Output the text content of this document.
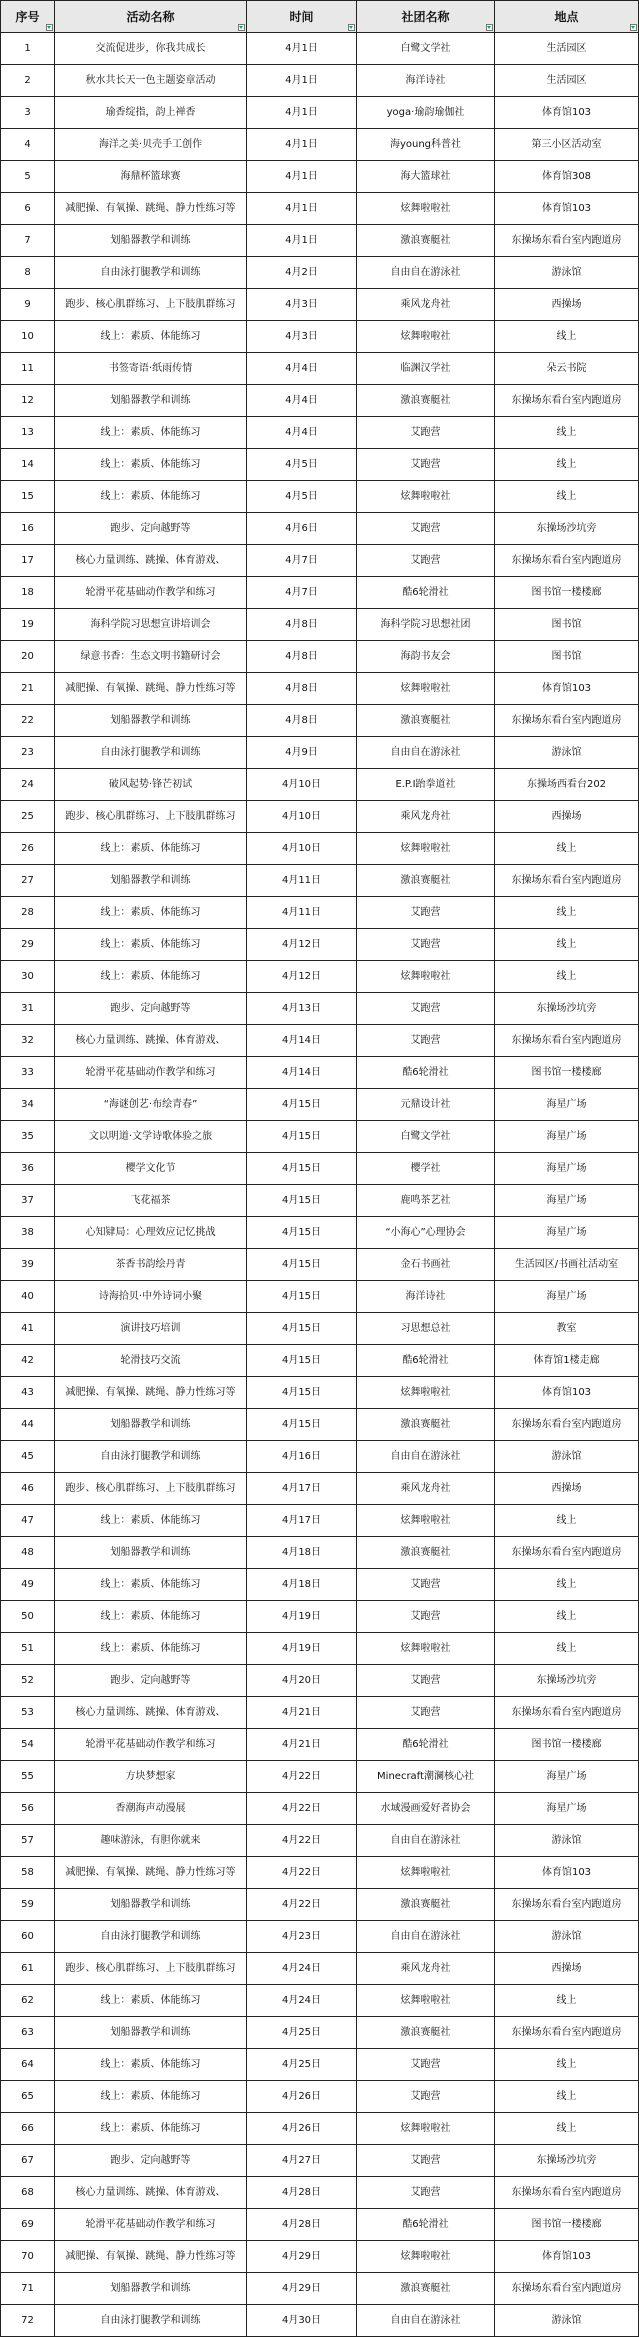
序号	活动名称	时间	社团名称	地点

1	交流促进步，你我共成长	4月1日	白鹭文学社	生活园区
2	秋水共长天一色主题姿章活动	4月1日	海洋诗社	生活园区
3	瑜香绽指，韵上禅香	4月1日	yoga·瑜韵瑜伽社	体育馆103
4	海洋之美·贝壳手工创作	4月1日	海young科普社	第三小区活动室
5	海鼎杯篮球赛	4月1日	海大篮球社	体育馆308
6	减肥操、有氧操、跳绳、静力性练习等	4月1日	炫舞啦啦社	体育馆103
7	划船器教学和训练	4月1日	激浪赛艇社	东操场东看台室内跑道房
8	自由泳打腿教学和训练	4月2日	自由自在游泳社	游泳馆
9	跑步、核心肌群练习、上下肢肌群练习	4月3日	乘风龙舟社	西操场
10	线上：素质、体能练习	4月3日	炫舞啦啦社	线上
11	书签寄语·纸雨传情	4月4日	临渊汉学社	朵云书院
12	划船器教学和训练	4月4日	激浪赛艇社	东操场东看台室内跑道房
13	线上：素质、体能练习	4月4日	艾跑营	线上
14	线上：素质、体能练习	4月5日	艾跑营	线上
15	线上：素质、体能练习	4月5日	炫舞啦啦社	线上
16	跑步、定向越野等	4月6日	艾跑营	东操场沙坑旁
17	核心力量训练、跳操、体育游戏、	4月7日	艾跑营	东操场东看台室内跑道房
18	轮滑平花基础动作教学和练习	4月7日	酷6轮滑社	图书馆一楼楼廊
19	海科学院习思想宣讲培训会	4月8日	海科学院习思想社团	图书馆
20	绿意书香：生态文明书籍研讨会	4月8日	海韵书友会	图书馆
21	减肥操、有氧操、跳绳、静力性练习等	4月8日	炫舞啦啦社	体育馆103
22	划船器教学和训练	4月8日	激浪赛艇社	东操场东看台室内跑道房
23	自由泳打腿教学和训练	4月9日	自由自在游泳社	游泳馆
24	破风起势·锋芒初试	4月10日	E.P.I跆拳道社	东操场西看台202
25	跑步、核心肌群练习、上下肢肌群练习	4月10日	乘风龙舟社	西操场
26	线上：素质、体能练习	4月10日	炫舞啦啦社	线上
27	划船器教学和训练	4月11日	激浪赛艇社	东操场东看台室内跑道房
28	线上：素质、体能练习	4月11日	艾跑营	线上
29	线上：素质、体能练习	4月12日	艾跑营	线上
30	线上：素质、体能练习	4月12日	炫舞啦啦社	线上
31	跑步、定向越野等	4月13日	艾跑营	东操场沙坑旁
32	核心力量训练、跳操、体育游戏、	4月14日	艾跑营	东操场东看台室内跑道房
33	轮滑平花基础动作教学和练习	4月14日	酷6轮滑社	图书馆一楼楼廊
34	“海谜创艺·布绘青春”	4月15日	元鼎设计社	海星广场
35	文以明道·文学诗歌体验之旅	4月15日	白鹭文学社	海星广场
36	樱学文化节	4月15日	樱学社	海星广场
37	飞花福茶	4月15日	鹿鸣茶艺社	海星广场
38	心知肄局：心理效应记忆挑战	4月15日	“小海心”心理协会	海星广场
39	茶香书韵绘丹青	4月15日	金石书画社	生活园区/书画社活动室
40	诗海拾贝·中外诗词小聚	4月15日	海洋诗社	海星广场
41	演讲技巧培训	4月15日	习思想总社	教室
42	轮滑技巧交流	4月15日	酷6轮滑社	体育馆1楼走廊
43	减肥操、有氧操、跳绳、静力性练习等	4月15日	炫舞啦啦社	体育馆103
44	划船器教学和训练	4月15日	激浪赛艇社	东操场东看台室内跑道房
45	自由泳打腿教学和训练	4月16日	自由自在游泳社	游泳馆
46	跑步、核心肌群练习、上下肢肌群练习	4月17日	乘风龙舟社	西操场
47	线上：素质、体能练习	4月17日	炫舞啦啦社	线上
48	划船器教学和训练	4月18日	激浪赛艇社	东操场东看台室内跑道房
49	线上：素质、体能练习	4月18日	艾跑营	线上
50	线上：素质、体能练习	4月19日	艾跑营	线上
51	线上：素质、体能练习	4月19日	炫舞啦啦社	线上
52	跑步、定向越野等	4月20日	艾跑营	东操场沙坑旁
53	核心力量训练、跳操、体育游戏、	4月21日	艾跑营	东操场东看台室内跑道房
54	轮滑平花基础动作教学和练习	4月21日	酷6轮滑社	图书馆一楼楼廊
55	方块梦想家	4月22日	Minecraft潮澜核心社	海星广场
56	香潮海声动漫展	4月22日	水域漫画爱好者协会	海星广场
57	趣味游泳，有胆你就来	4月22日	自由自在游泳社	游泳馆
58	减肥操、有氧操、跳绳、静力性练习等	4月22日	炫舞啦啦社	体育馆103
59	划船器教学和训练	4月22日	激浪赛艇社	东操场东看台室内跑道房
60	自由泳打腿教学和训练	4月23日	自由自在游泳社	游泳馆
61	跑步、核心肌群练习、上下肢肌群练习	4月24日	乘风龙舟社	西操场
62	线上：素质、体能练习	4月24日	炫舞啦啦社	线上
63	划船器教学和训练	4月25日	激浪赛艇社	东操场东看台室内跑道房
64	线上：素质、体能练习	4月25日	艾跑营	线上
65	线上：素质、体能练习	4月26日	艾跑营	线上
66	线上：素质、体能练习	4月26日	炫舞啦啦社	线上
67	跑步、定向越野等	4月27日	艾跑营	东操场沙坑旁
68	核心力量训练、跳操、体育游戏、	4月28日	艾跑营	东操场东看台室内跑道房
69	轮滑平花基础动作教学和练习	4月28日	酷6轮滑社	图书馆一楼楼廊
70	减肥操、有氧操、跳绳、静力性练习等	4月29日	炫舞啦啦社	体育馆103
71	划船器教学和训练	4月29日	激浪赛艇社	东操场东看台室内跑道房
72	自由泳打腿教学和训练	4月30日	自由自在游泳社	游泳馆
